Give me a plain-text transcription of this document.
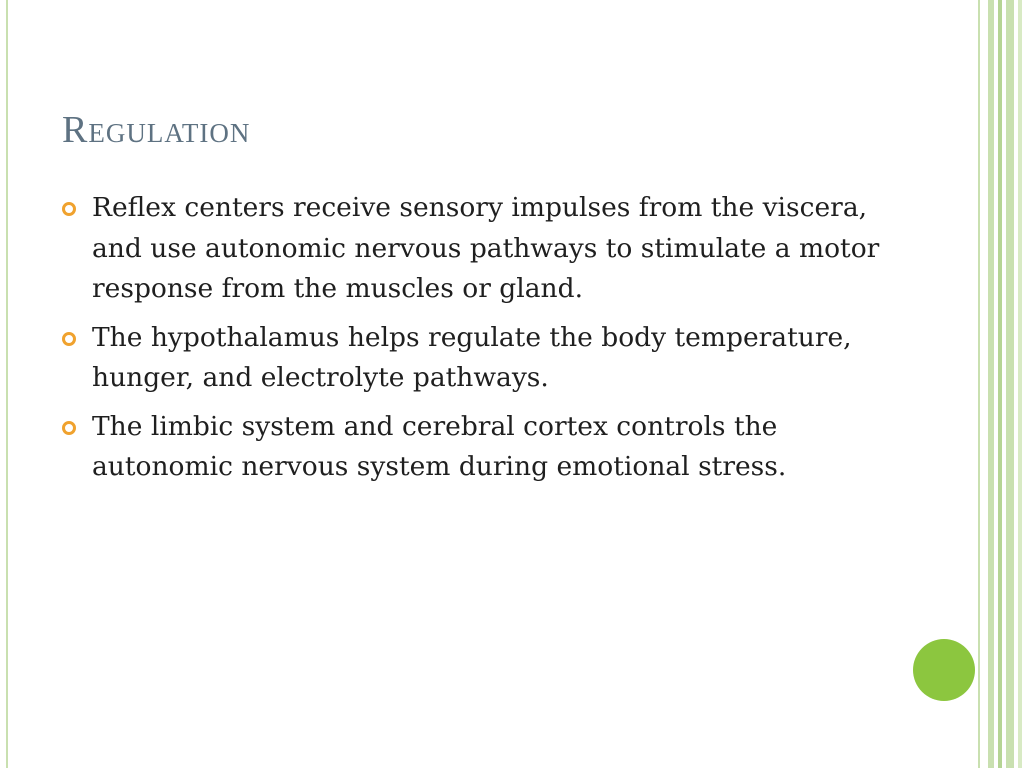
Regulation
Reflex centers receive sensory impulses from the viscera, and use autonomic nervous pathways to stimulate a motor response from the muscles or gland.
The hypothalamus helps regulate the body temperature, hunger, and electrolyte pathways.
The limbic system and cerebral cortex controls the autonomic nervous system during emotional stress.
